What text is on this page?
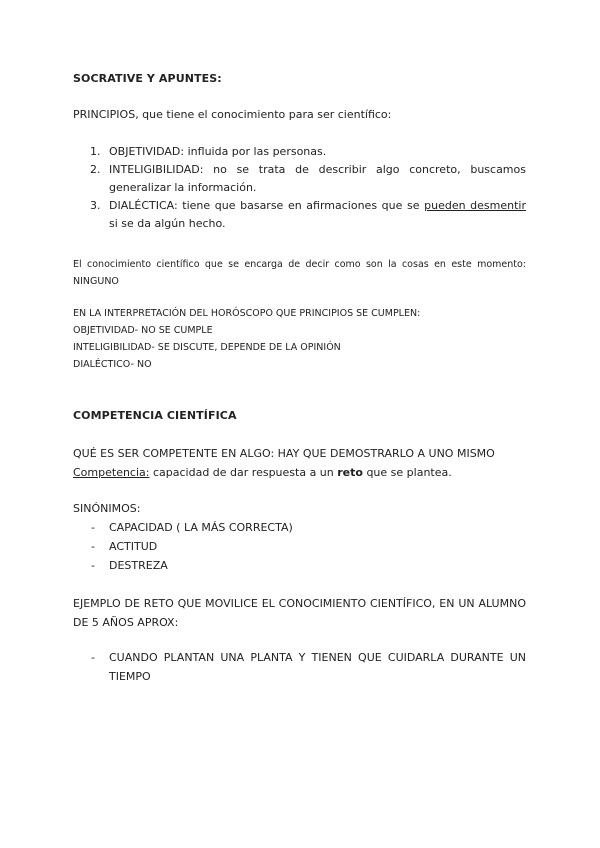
SOCRATIVE Y APUNTES:
PRINCIPIOS, que tiene el conocimiento para ser científico:
1. OBJETIVIDAD: influida por las personas.
2. INTELIGIBILIDAD: no se trata de describir algo concreto, buscamos generalizar la información.
3. DIALÉCTICA: tiene que basarse en afirmaciones que se pueden desmentir si se da algún hecho.
El conocimiento científico que se encarga de decir como son la cosas en este momento: NINGUNO
EN LA INTERPRETACIÓN DEL HORÓSCOPO QUE PRINCIPIOS SE CUMPLEN:
OBJETIVIDAD- NO SE CUMPLE
INTELIGIBILIDAD- SE DISCUTE, DEPENDE DE LA OPINIÓN
DIALÉCTICO- NO
COMPETENCIA CIENTÍFICA
QUÉ ES SER COMPETENTE EN ALGO: HAY QUE DEMOSTRARLO A UNO MISMO
Competencia: capacidad de dar respuesta a un reto que se plantea.
SINÓNIMOS:
- CAPACIDAD ( LA MÁS CORRECTA)
- ACTITUD
- DESTREZA
EJEMPLO DE RETO QUE MOVILICE EL CONOCIMIENTO CIENTÍFICO, EN UN ALUMNO DE 5 AÑOS APROX:
- CUANDO PLANTAN UNA PLANTA Y TIENEN QUE CUIDARLA DURANTE UN TIEMPO
